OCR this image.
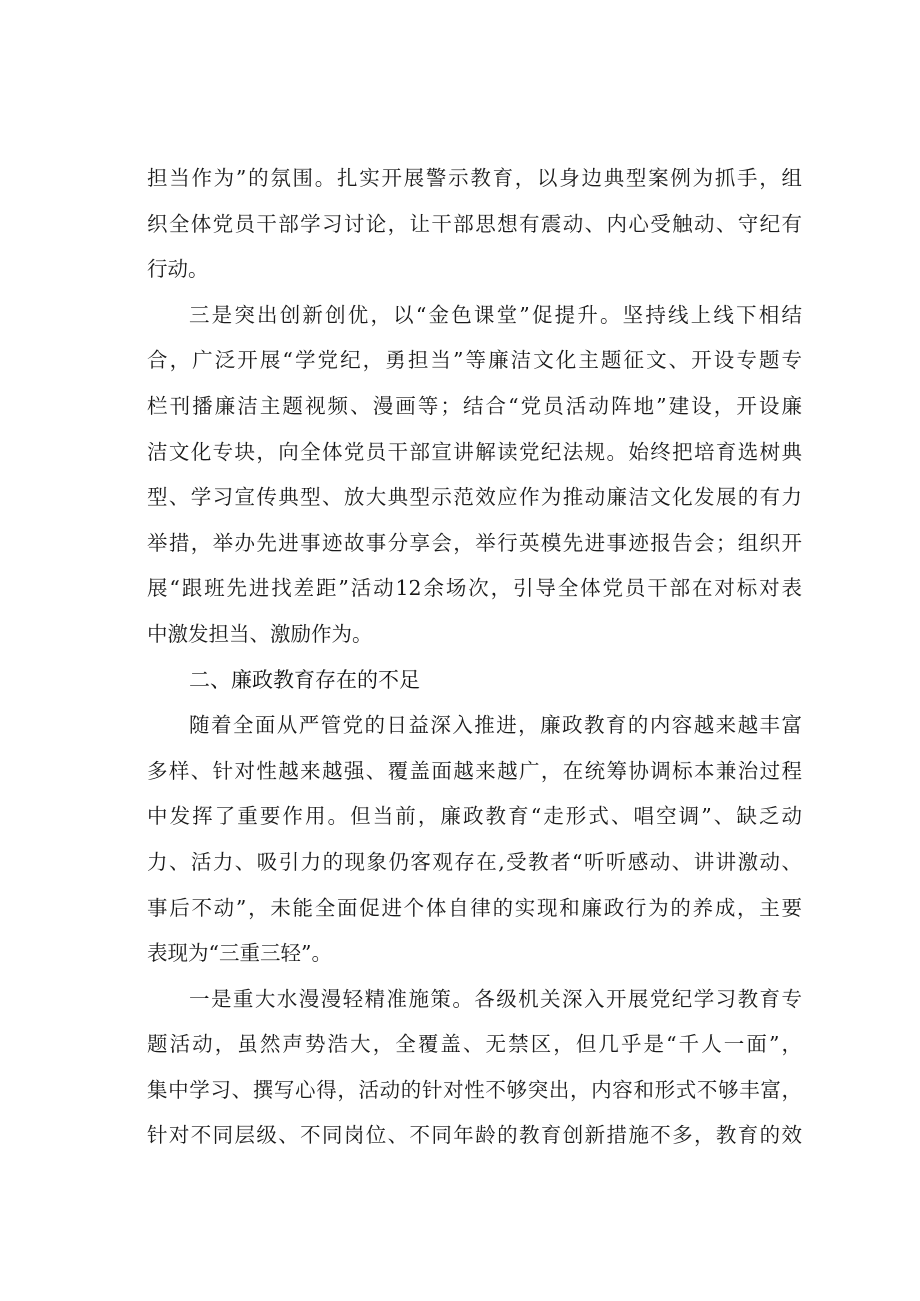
担当作为”的氛围。扎实开展警示教育，以身边典型案例为抓手，组
织全体党员干部学习讨论，让干部思想有震动、内心受触动、守纪有
行动。
三是突出创新创优，以“金色课堂”促提升。坚持线上线下相结
合，广泛开展“学党纪，勇担当”等廉洁文化主题征文、开设专题专
栏刊播廉洁主题视频、漫画等；结合“党员活动阵地”建设，开设廉
洁文化专块，向全体党员干部宣讲解读党纪法规。始终把培育选树典
型、学习宣传典型、放大典型示范效应作为推动廉洁文化发展的有力
举措，举办先进事迹故事分享会，举行英模先进事迹报告会；组织开
展“跟班先进找差距”活动12余场次，引导全体党员干部在对标对表
中激发担当、激励作为。
二、廉政教育存在的不足
随着全面从严管党的日益深入推进，廉政教育的内容越来越丰富
多样、针对性越来越强、覆盖面越来越广，在统筹协调标本兼治过程
中发挥了重要作用。但当前，廉政教育“走形式、唱空调”、缺乏动
力、活力、吸引力的现象仍客观存在,受教者“听听感动、讲讲激动、
事后不动”，未能全面促进个体自律的实现和廉政行为的养成，主要
表现为“三重三轻”。
一是重大水漫漫轻精准施策。各级机关深入开展党纪学习教育专
题活动，虽然声势浩大，全覆盖、无禁区，但几乎是“千人一面”，
集中学习、撰写心得，活动的针对性不够突出，内容和形式不够丰富，
针对不同层级、不同岗位、不同年龄的教育创新措施不多，教育的效
